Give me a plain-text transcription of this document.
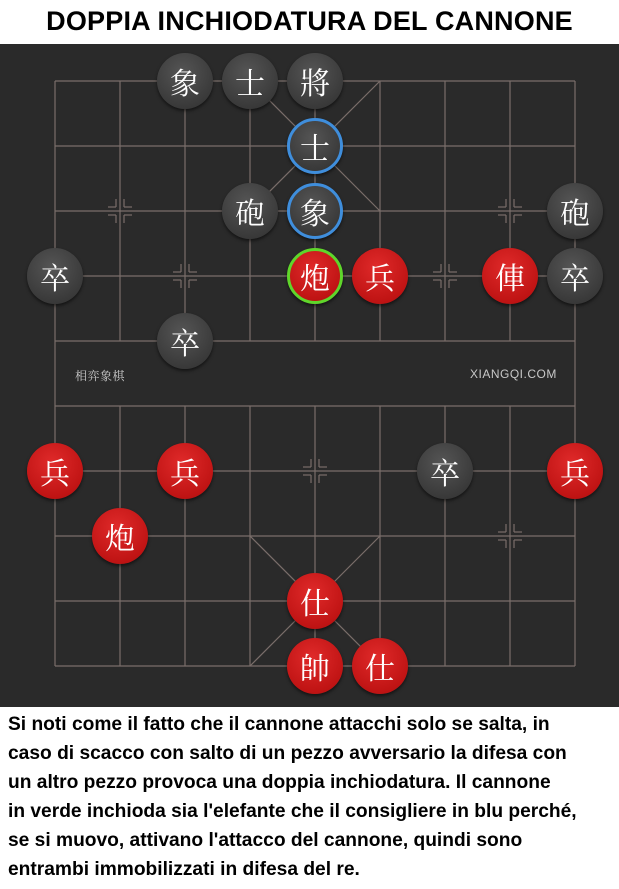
DOPPIA INCHIODATURA DEL CANNONE
象	士	將
士
砲	象	砲
卒	炮	兵	俥	卒
卒
兵	兵	卒	兵
炮
仕
帥	仕
相弈象棋	XIANGQI.COM
Si noti come il fatto che il cannone attacchi solo se salta, in
caso di scacco con salto di un pezzo avversario la difesa con
un altro pezzo provoca una doppia inchiodatura. Il cannone
in verde inchioda sia l'elefante che il consigliere in blu perché,
se si muovo, attivano l'attacco del cannone, quindi sono
entrambi immobilizzati in difesa del re.
